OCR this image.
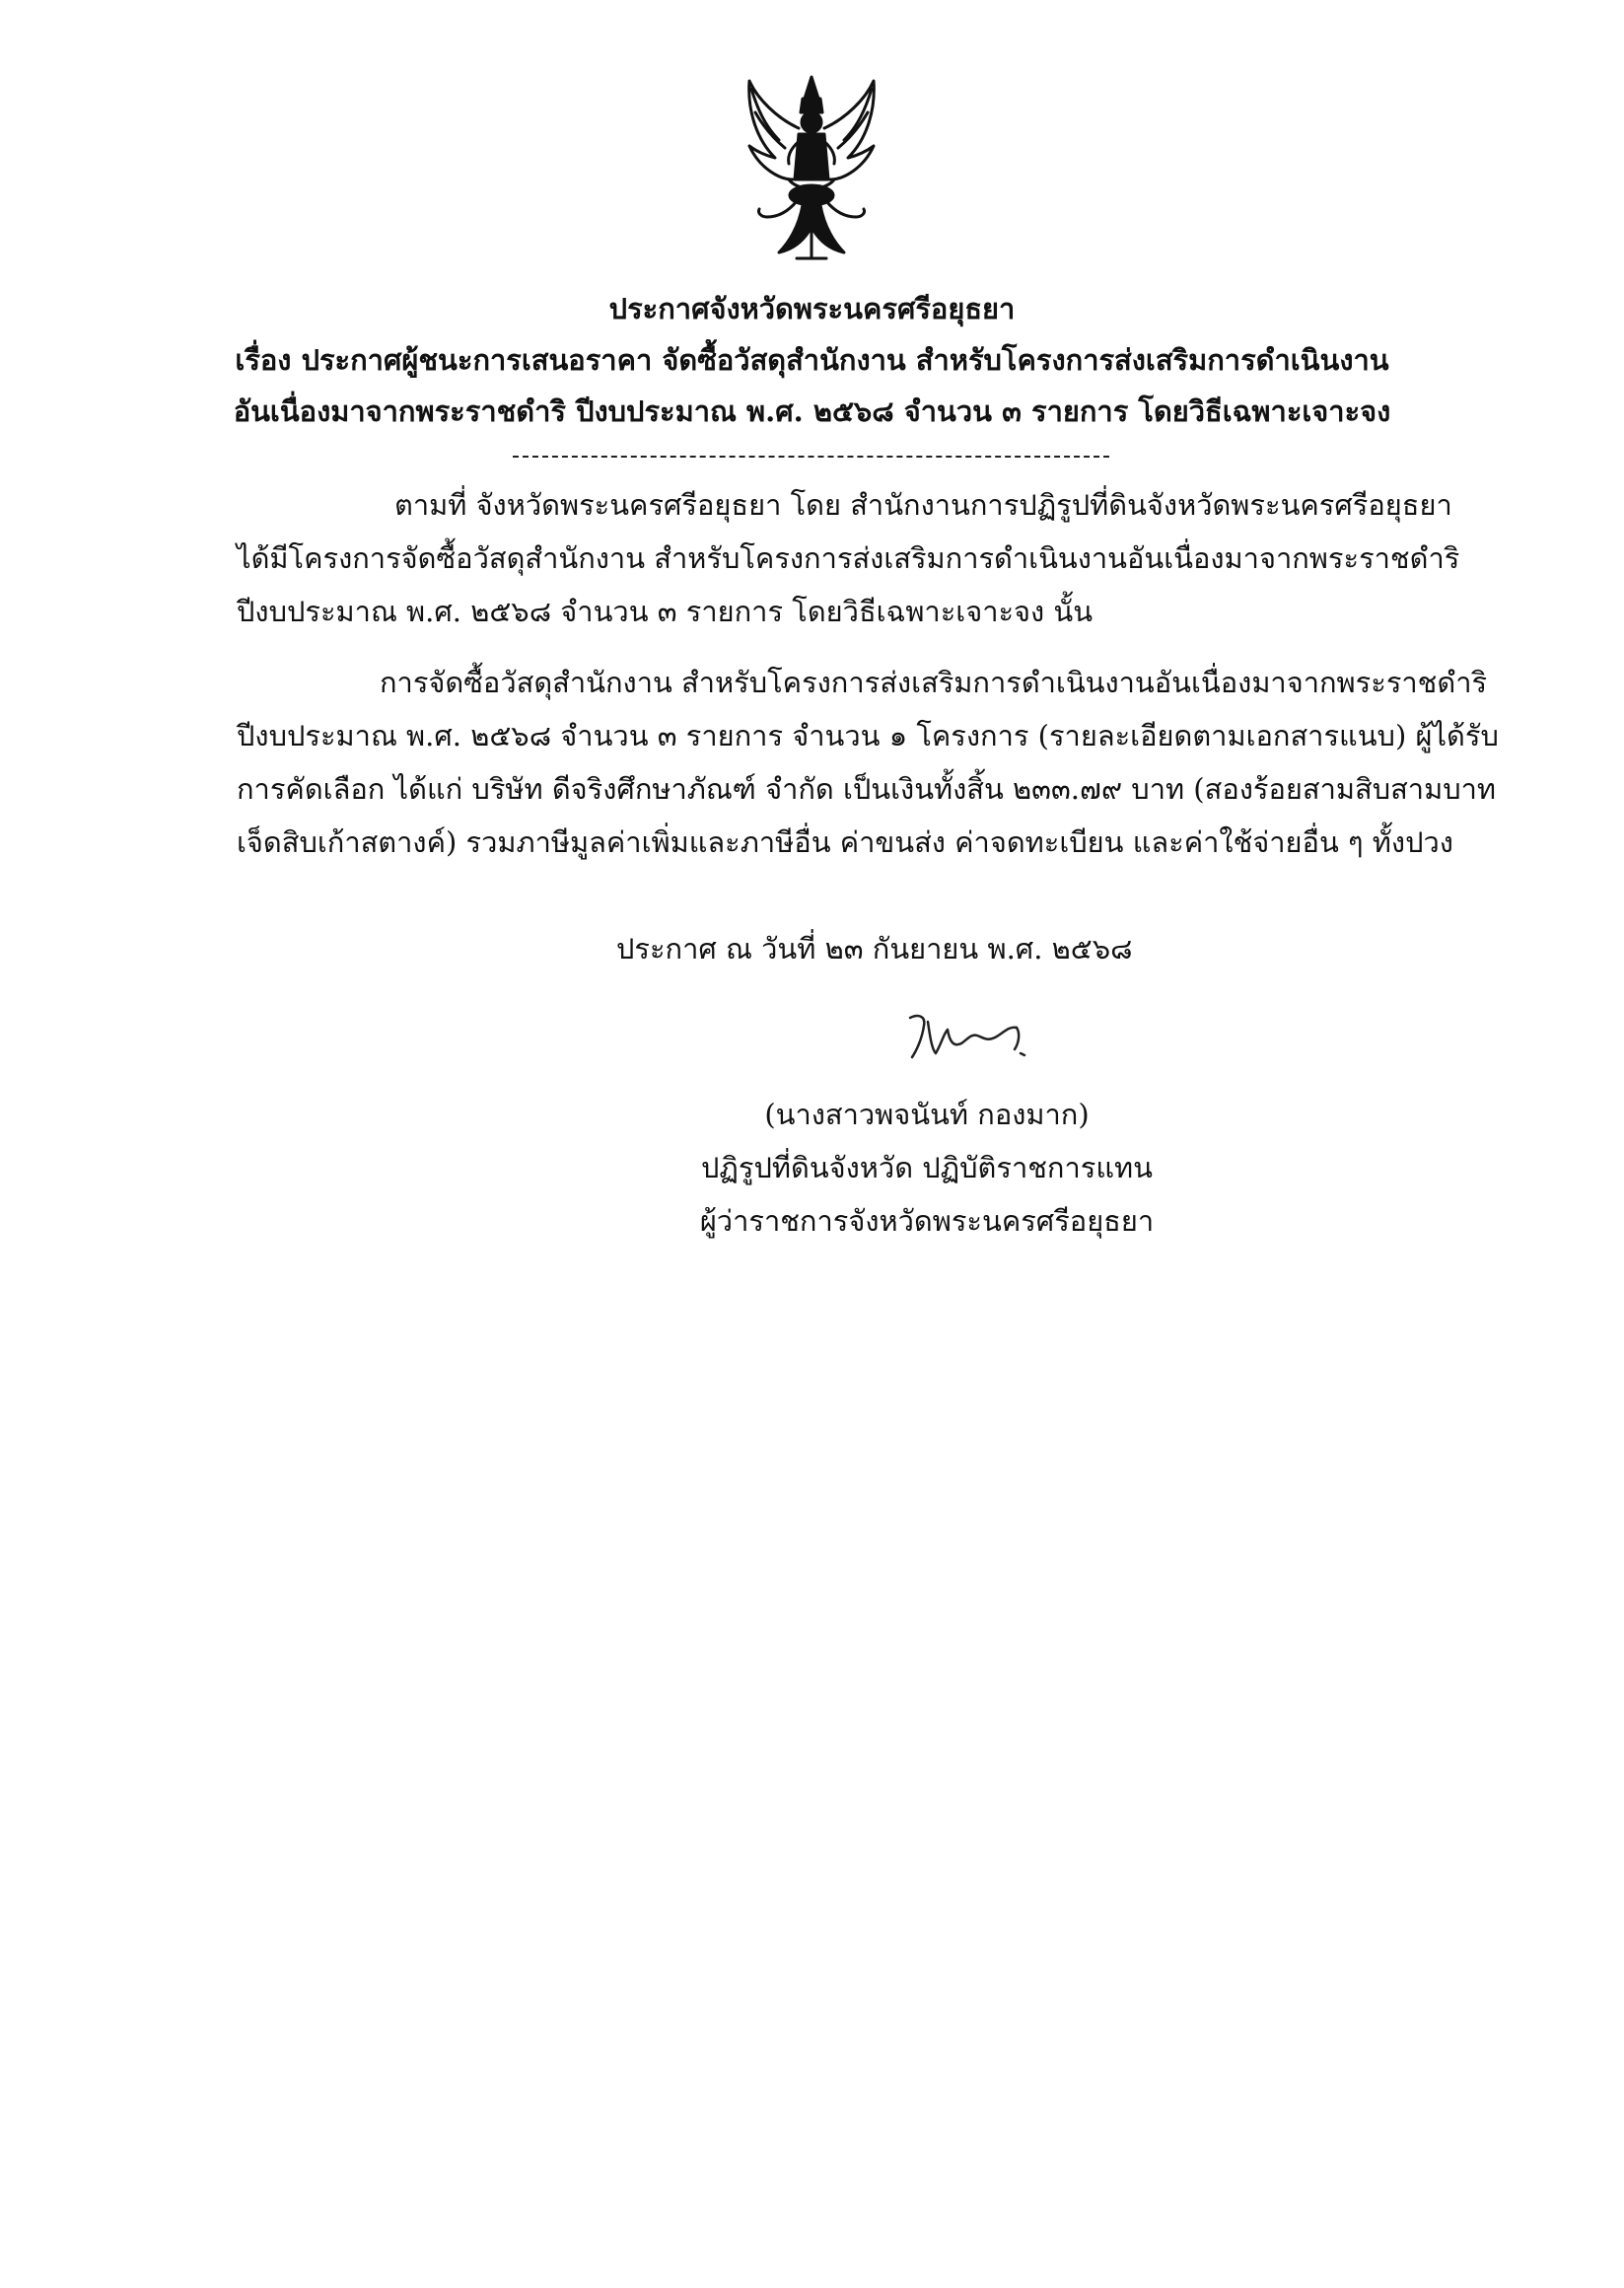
ประกาศจังหวัดพระนครศรีอยุธยา
เรื่อง ประกาศผู้ชนะการเสนอราคา จัดซื้อวัสดุสำนักงาน สำหรับโครงการส่งเสริมการดำเนินงาน
อันเนื่องมาจากพระราชดำริ ปีงบประมาณ พ.ศ. ๒๕๖๘ จำนวน ๓ รายการ โดยวิธีเฉพาะเจาะจง
ตามที่ จังหวัดพระนครศรีอยุธยา โดย สำนักงานการปฏิรูปที่ดินจังหวัดพระนครศรีอยุธยา
ได้มีโครงการจัดซื้อวัสดุสำนักงาน สำหรับโครงการส่งเสริมการดำเนินงานอันเนื่องมาจากพระราชดำริ
ปีงบประมาณ พ.ศ. ๒๕๖๘ จำนวน ๓ รายการ โดยวิธีเฉพาะเจาะจง นั้น
การจัดซื้อวัสดุสำนักงาน สำหรับโครงการส่งเสริมการดำเนินงานอันเนื่องมาจากพระราชดำริ
ปีงบประมาณ พ.ศ. ๒๕๖๘ จำนวน ๓ รายการ จำนวน ๑ โครงการ (รายละเอียดตามเอกสารแนบ) ผู้ได้รับ
การคัดเลือก ได้แก่ บริษัท ดีจริงศึกษาภัณฑ์ จำกัด เป็นเงินทั้งสิ้น ๒๓๓.๗๙ บาท (สองร้อยสามสิบสามบาท
เจ็ดสิบเก้าสตางค์) รวมภาษีมูลค่าเพิ่มและภาษีอื่น ค่าขนส่ง ค่าจดทะเบียน และค่าใช้จ่ายอื่น ๆ ทั้งปวง
ประกาศ ณ วันที่ ๒๓ กันยายน พ.ศ. ๒๕๖๘
(นางสาวพจนันท์ กองมาก)
ปฏิรูปที่ดินจังหวัด ปฏิบัติราชการแทน
ผู้ว่าราชการจังหวัดพระนครศรีอยุธยา
